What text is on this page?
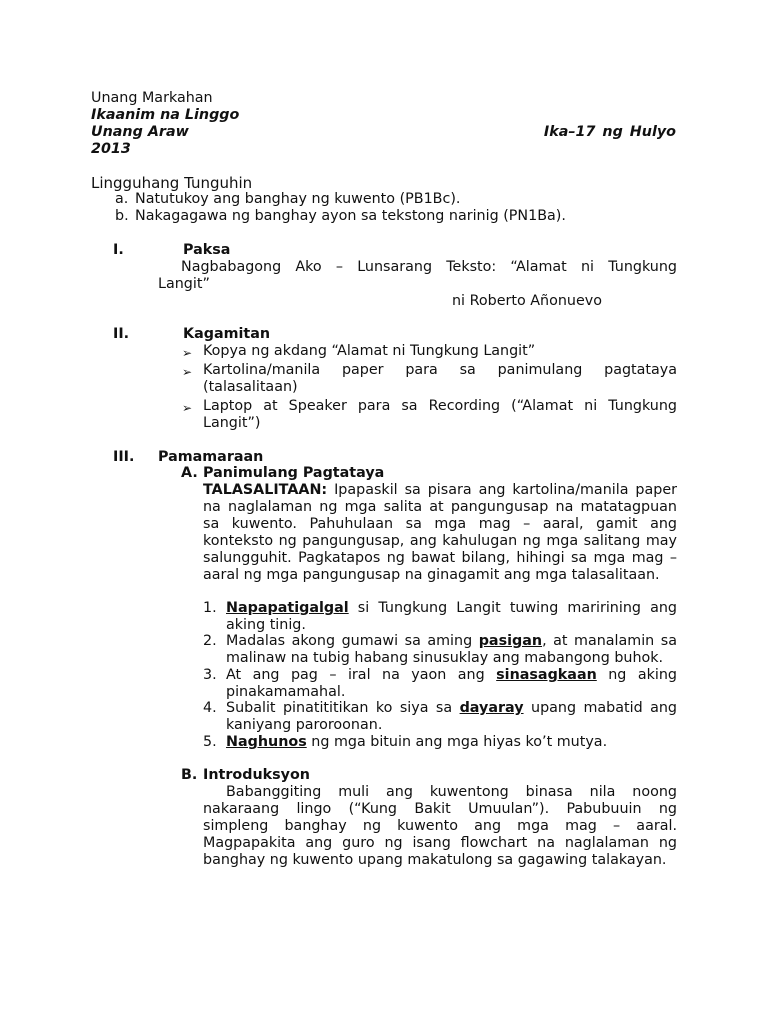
Unang Markahan
Ikaanim na Linggo
Unang Araw	Ika–17 ng Hulyo
2013
Lingguhang Tunguhin
a. Natutukoy ang banghay ng kuwento (PB1Bc).
b. Nakagagawa ng banghay ayon sa tekstong narinig (PN1Ba).
I.	Paksa
Nagbabagong Ako – Lunsarang Teksto: “Alamat ni Tungkung
Langit”
ni Roberto Añonuevo
II.	Kagamitan
➢ Kopya ng akdang “Alamat ni Tungkung Langit”
➢ Kartolina/manila paper para sa panimulang pagtataya
(talasalitaan)
➢ Laptop at Speaker para sa Recording (“Alamat ni Tungkung
Langit”)
III. Pamamaraan
A. Panimulang Pagtataya
TALASALITAAN: Ipapaskil sa pisara ang kartolina/manila paper
na naglalaman ng mga salita at pangungusap na matatagpuan
sa kuwento. Pahuhulaan sa mga mag – aaral, gamit ang
konteksto ng pangungusap, ang kahulugan ng mga salitang may
salungguhit. Pagkatapos ng bawat bilang, hihingi sa mga mag –
aaral ng mga pangungusap na ginagamit ang mga talasalitaan.
1. Napapatigalgal si Tungkung Langit tuwing maririning ang
aking tinig.
2. Madalas akong gumawi sa aming pasigan, at manalamin sa
malinaw na tubig habang sinusuklay ang mabangong buhok.
3. At ang pag – iral na yaon ang sinasagkaan ng aking
pinakamamahal.
4. Subalit pinatititikan ko siya sa dayaray upang mabatid ang
kaniyang paroroonan.
5. Naghunos ng mga bituin ang mga hiyas ko’t mutya.
B. Introduksyon
Babanggiting muli ang kuwentong binasa nila noong
nakaraang lingo (“Kung Bakit Umuulan”). Pabubuuin ng
simpleng banghay ng kuwento ang mga mag – aaral.
Magpapakita ang guro ng isang flowchart na naglalaman ng
banghay ng kuwento upang makatulong sa gagawing talakayan.
